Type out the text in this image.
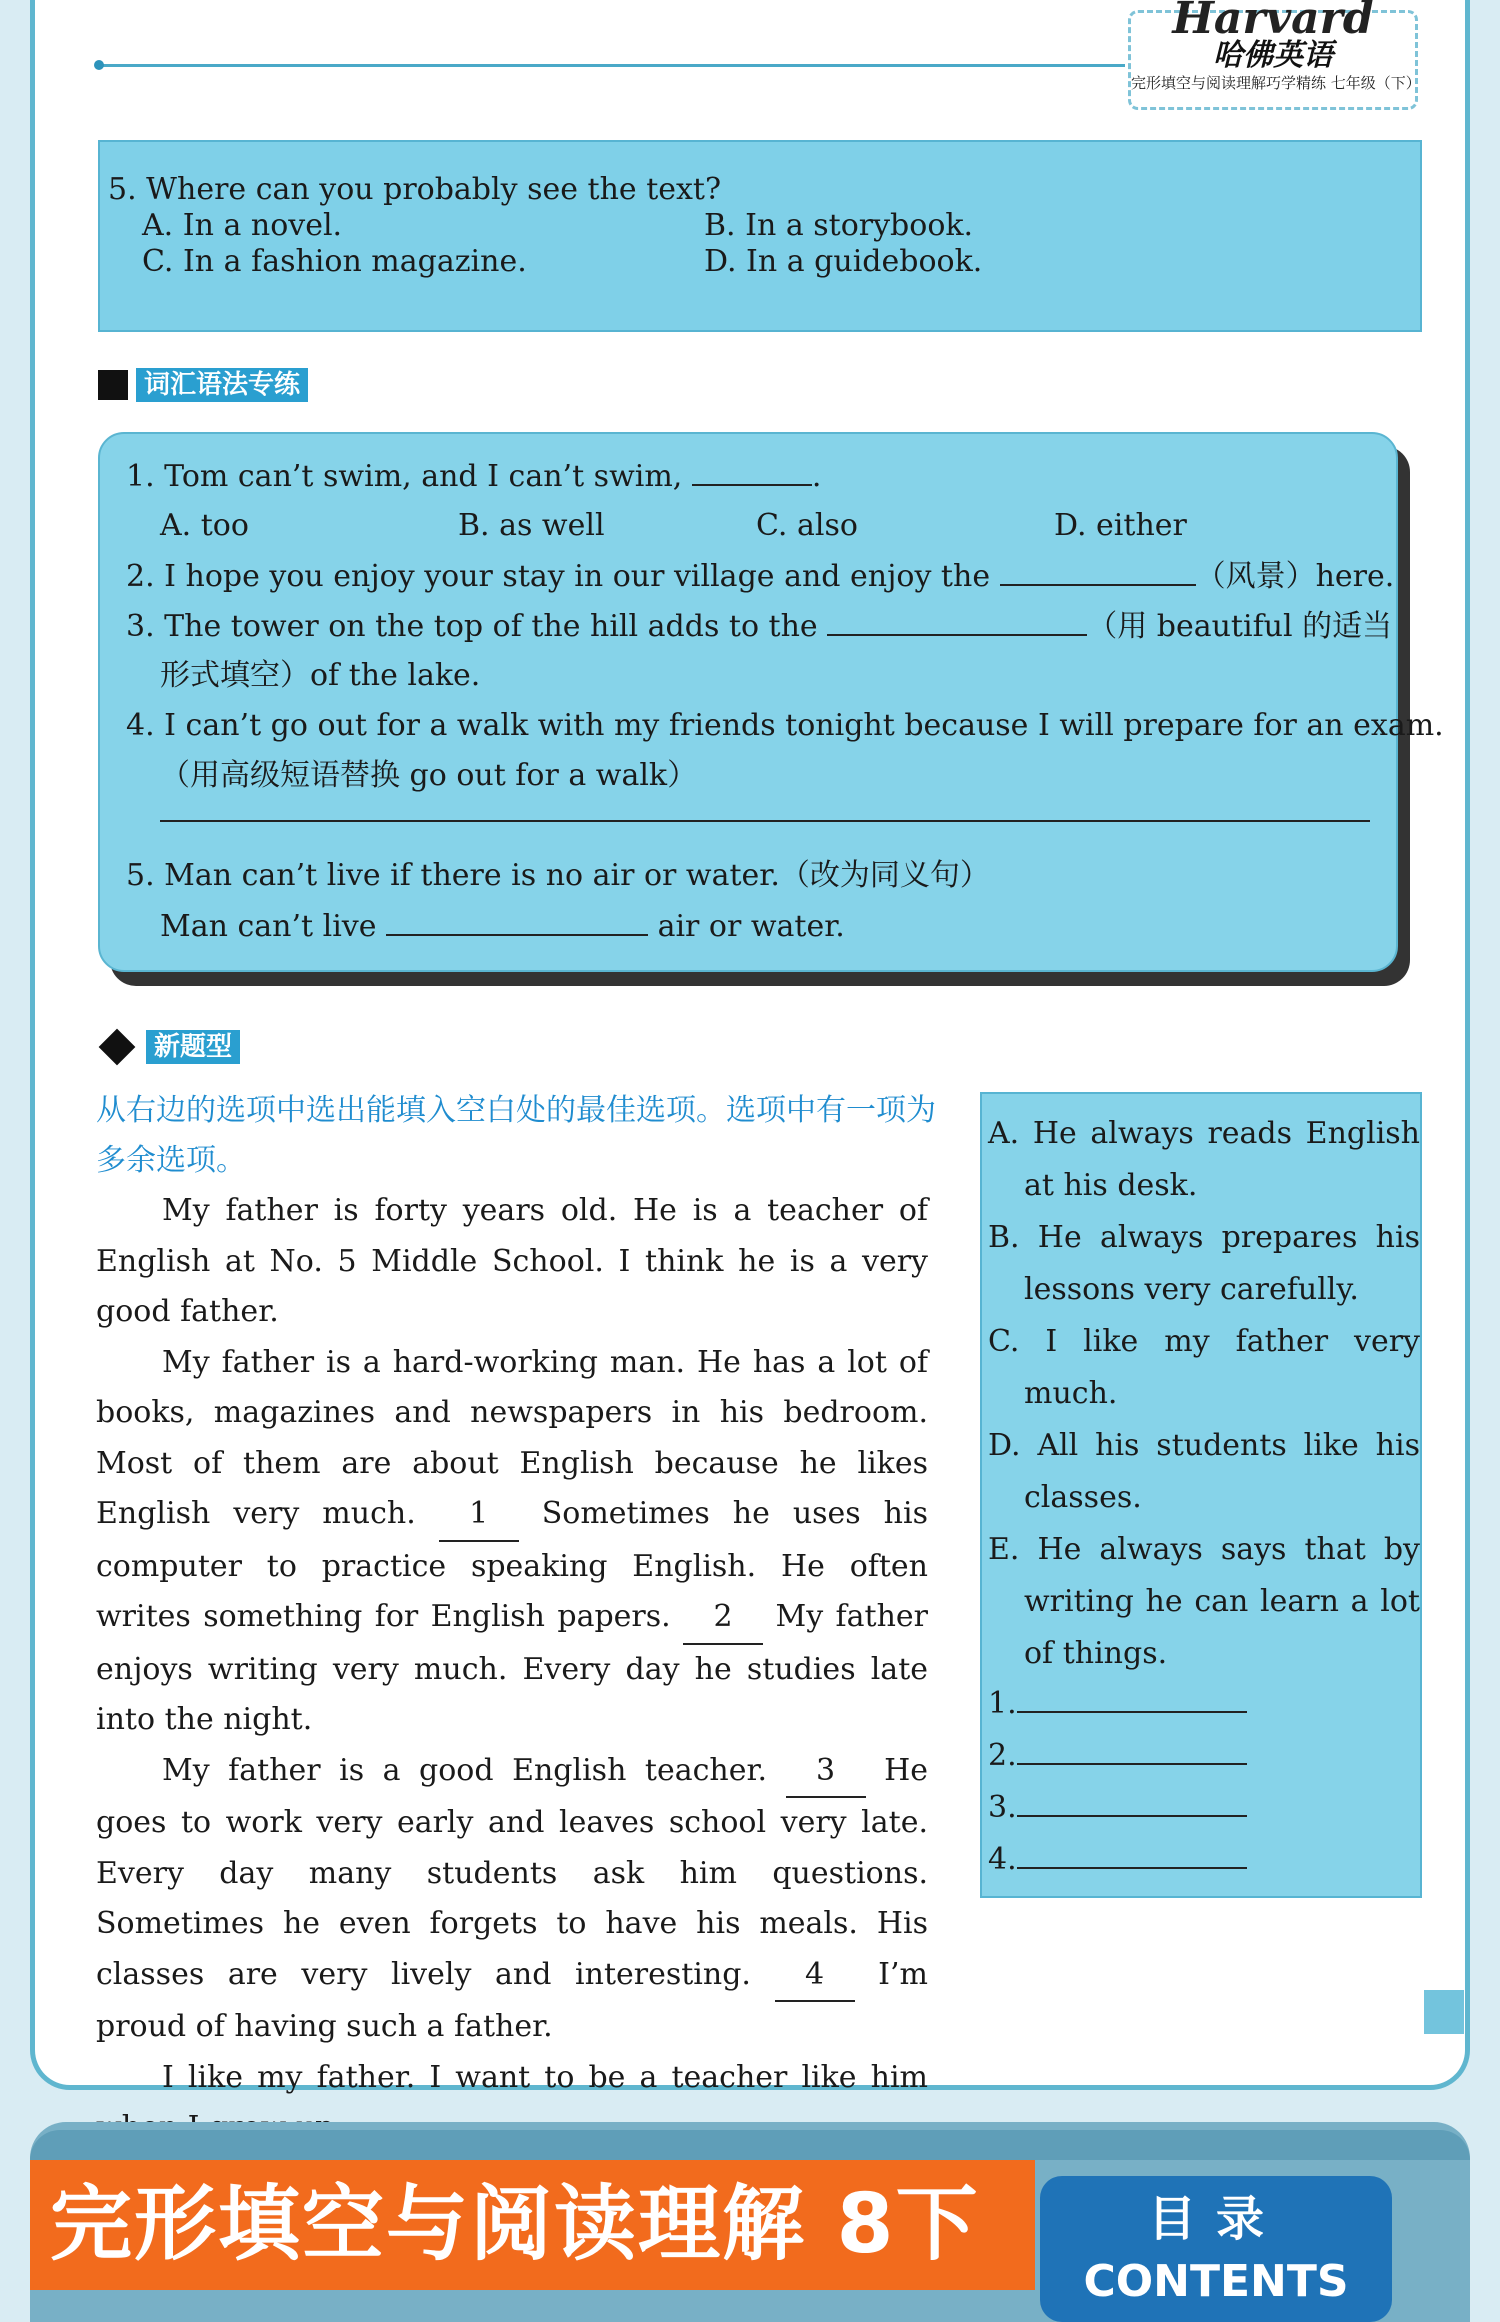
Harvard
哈佛英语
完形填空与阅读理解巧学精练 七年级（下）
5. Where can you probably see the text?
A. In a novel.	B. In a storybook.
C. In a fashion magazine.	D. In a guidebook.
词汇语法专练
1. Tom can’t swim, and I can’t swim,	.
A. too	B. as well	C. also	D. either
2. I hope you enjoy your stay in our village and enjoy the	（风景）here.
3. The tower on the top of the hill adds to the	（用 beautiful 的适当
形式填空）of the lake.
4. I can’t go out for a walk with my friends tonight because I will prepare for an exam.
（用高级短语替换 go out for a walk）
5. Man can’t live if there is no air or water.（改为同义句）
Man can’t live	air or water.
新题型
从右边的选项中选出能填入空白处的最佳选项。选项中有一项为多余选项。

My father is forty years old. He is a teacher of English at No. 5 Middle School. I think he is a very good father.

My father is a hard-working man. He has a lot of books, magazines and newspapers in his bedroom. Most of them are about English because he likes English very much. 1 Sometimes he uses his computer to practice speaking English. He often writes something for English papers. 2 My father enjoys writing very much. Every day he studies late into the night.

My father is a good English teacher. 3 He goes to work very early and leaves school very late. Every day many students ask him questions. Sometimes he even forgets to have his meals. His classes are very lively and interesting. 4 I’m proud of having such a father.

I like my father. I want to be a teacher like him

A. He always reads English at his desk.
B. He always prepares his lessons very carefully.
C. I like my father very much.
D. All his students like his classes.
E. He always says that by writing he can learn a lot of things.
1.
2.
3.
4.
完形填空与阅读理解 8下	目录
CONTENTS
